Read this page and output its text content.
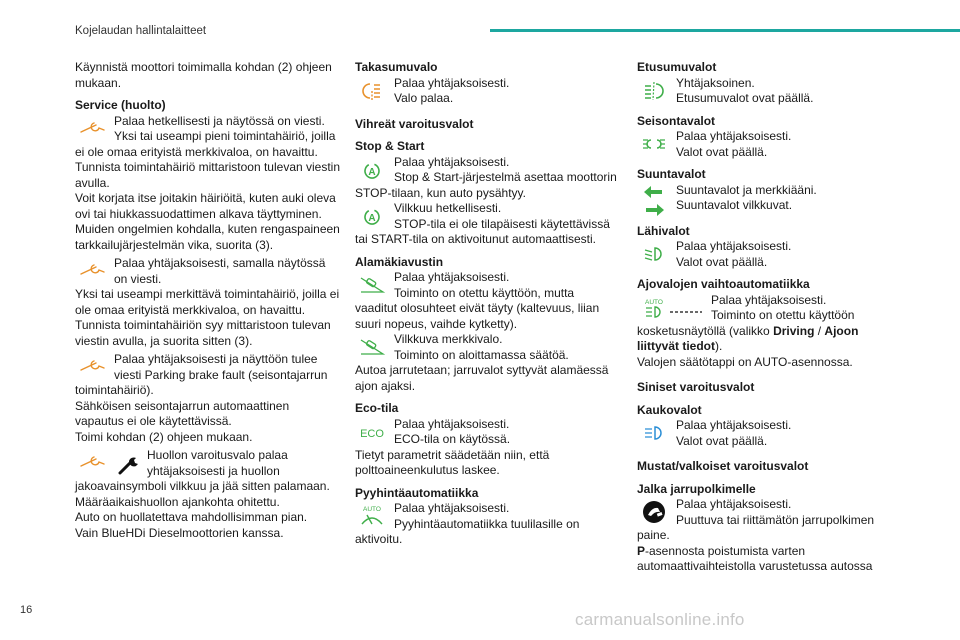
Kojelaudan hallintalaitteet

Käynnistä moottori toimimalla kohdan (2) ohjeen mukaan.

Service (huolto)
Palaa hetkellisesti ja näytössä on viesti.
Yksi tai useampi pieni toimintahäiriö, joilla

ei ole omaa erityistä merkkivaloa, on havaittu.

Tunnista toimintahäiriö mittaristoon tulevan viestin avulla.

Voit korjata itse joitakin häiriöitä, kuten auki oleva ovi tai hiukkassuodattimen alkava täyttyminen.

Muiden ongelmien kohdalla, kuten rengaspaineen tarkkailujärjestelmän vika, suorita (3).

Palaa yhtäjaksoisesti, samalla näytössä
on viesti.

Yksi tai useampi merkittävä toimintahäiriö, joilla ei ole omaa erityistä merkkivaloa, on havaittu.

Tunnista toimintahäiriön syy mittaristoon tulevan viestin avulla, ja suorita sitten (3).

Palaa yhtäjaksoisesti ja näyttöön tulee
viesti Parking brake fault (seisontajarrun

toimintahäiriö).

Sähköisen seisontajarrun automaattinen vapautus ei ole käytettävissä.

Toimi kohdan (2) ohjeen mukaan.

Huollon varoitusvalo palaa
yhtäjaksoisesti ja huollon

jakoavainsymboli vilkkuu ja jää sitten palamaan.

Määräaikaishuollon ajankohta ohitettu.

Auto on huollatettava mahdollisimman pian.

Vain BlueHDi Dieselmoottorien kanssa.

Takasumuvalo
Palaa yhtäjaksoisesti.
Valo palaa.
Vihreät varoitusvalot
Stop & Start
A
Palaa yhtäjaksoisesti.
Stop & Start-järjestelmä asettaa moottorin

STOP-tilaan, kun auto pysähtyy.

A
Vilkkuu hetkellisesti.
STOP-tila ei ole tilapäisesti käytettävissä

tai START-tila on aktivoitunut automaattisesti.

Alamäkiavustin
Palaa yhtäjaksoisesti.
Toiminto on otettu käyttöön, mutta

vaaditut olosuhteet eivät täyty (kaltevuus, liian suuri nopeus, vaihde kytketty).

Vilkkuva merkkivalo.
Toiminto on aloittamassa säätöä.

Autoa jarrutetaan; jarruvalot syttyvät alamäessä ajon ajaksi.

Eco-tila
ECO
Palaa yhtäjaksoisesti.
ECO-tila on käytössä.

Tietyt parametrit säädetään niin, että polttoaineenkulutus laskee.

Pyyhintäautomatiikka
AUTO Palaa yhtäjaksoisesti.
Pyyhintäautomatiikka tuulilasille on

aktivoitu.

Etusumuvalot
Yhtäjaksoinen.
Etusumuvalot ovat päällä.
Seisontavalot
Palaa yhtäjaksoisesti.
Valot ovat päällä.
Suuntavalot
Suuntavalot ja merkkiääni.
Suuntavalot vilkkuvat.
Lähivalot
Palaa yhtäjaksoisesti.
Valot ovat päällä.
Ajovalojen vaihtoautomatiikka
AUTO	Palaa yhtäjaksoisesti.
Toiminto on otettu käyttöön

kosketusnäytöllä (valikko Driving / Ajoon liittyvät tiedot).

Valojen säätötappi on AUTO-asennossa.

Siniset varoitusvalot
Kaukovalot
Palaa yhtäjaksoisesti.
Valot ovat päällä.
Mustat/valkoiset varoitusvalot
Jalka jarrupolkimelle
Palaa yhtäjaksoisesti.
Puuttuva tai riittämätön jarrupolkimen

paine.

P-asennosta poistumista varten automaattivaihteistolla varustetussa autossa

16	carmanualsonline.info
